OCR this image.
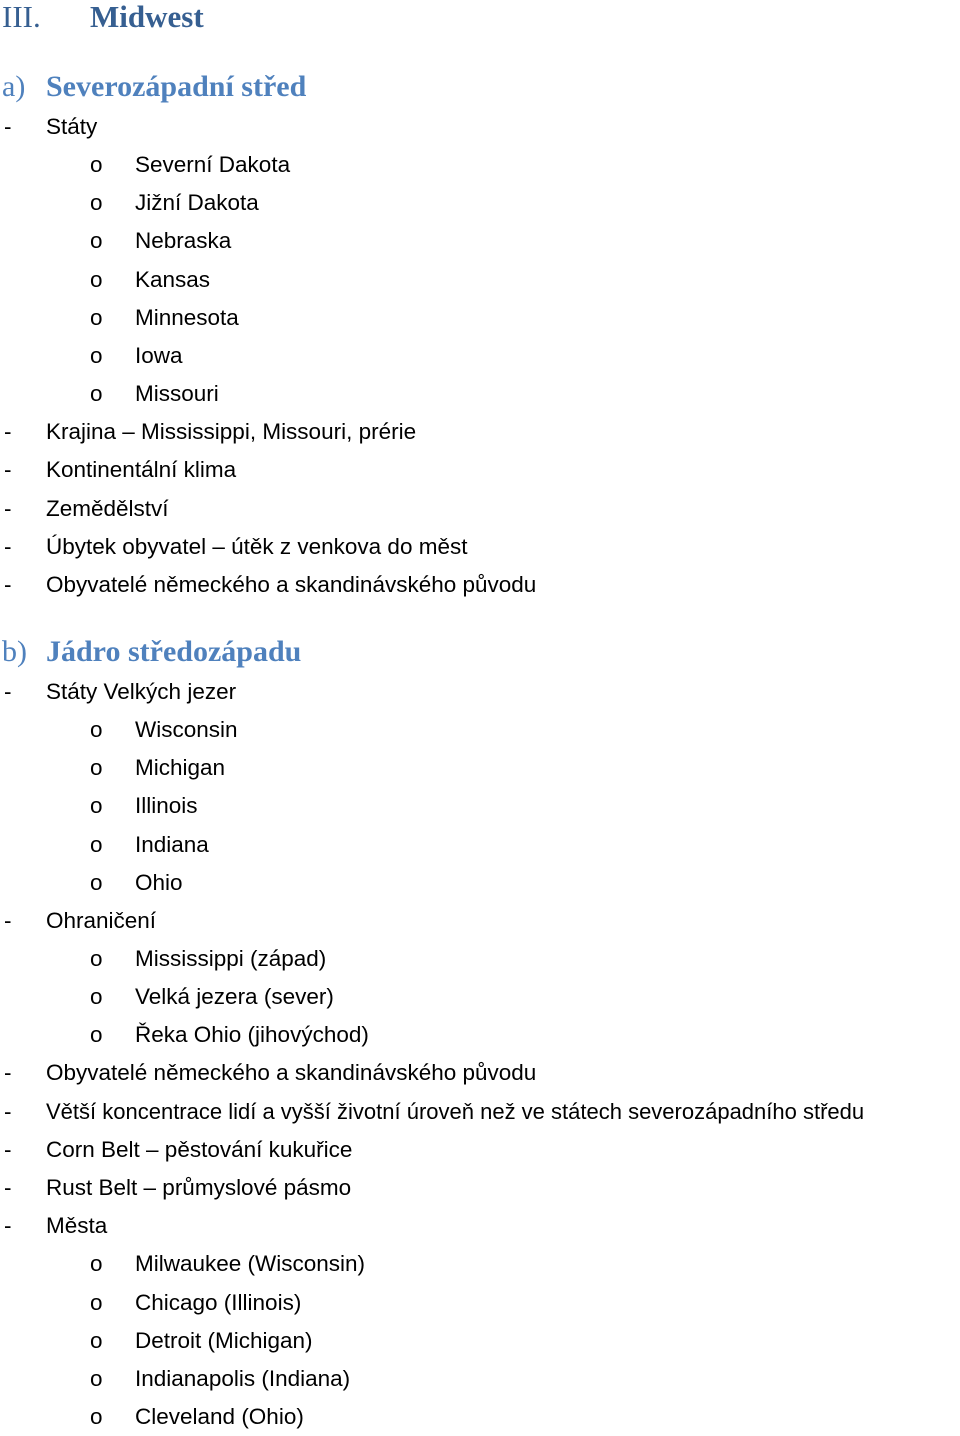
III. Midwest
a) Severozápadní střed
- Státy
o Severní Dakota
o Jižní Dakota
o Nebraska
o Kansas
o Minnesota
o Iowa
o Missouri
- Krajina – Mississippi, Missouri, prérie
- Kontinentální klima
- Zemědělství
- Úbytek obyvatel – útěk z venkova do měst
- Obyvatelé německého a skandinávského původu
b) Jádro středozápadu
- Státy Velkých jezer
o Wisconsin
o Michigan
o Illinois
o Indiana
o Ohio
- Ohraničení
o Mississippi (západ)
o Velká jezera (sever)
o Řeka Ohio (jihovýchod)
- Obyvatelé německého a skandinávského původu
- Větší koncentrace lidí a vyšší životní úroveň než ve státech severozápadního středu
- Corn Belt – pěstování kukuřice
- Rust Belt – průmyslové pásmo
- Města
o Milwaukee (Wisconsin)
o Chicago (Illinois)
o Detroit (Michigan)
o Indianapolis (Indiana)
o Cleveland (Ohio)
